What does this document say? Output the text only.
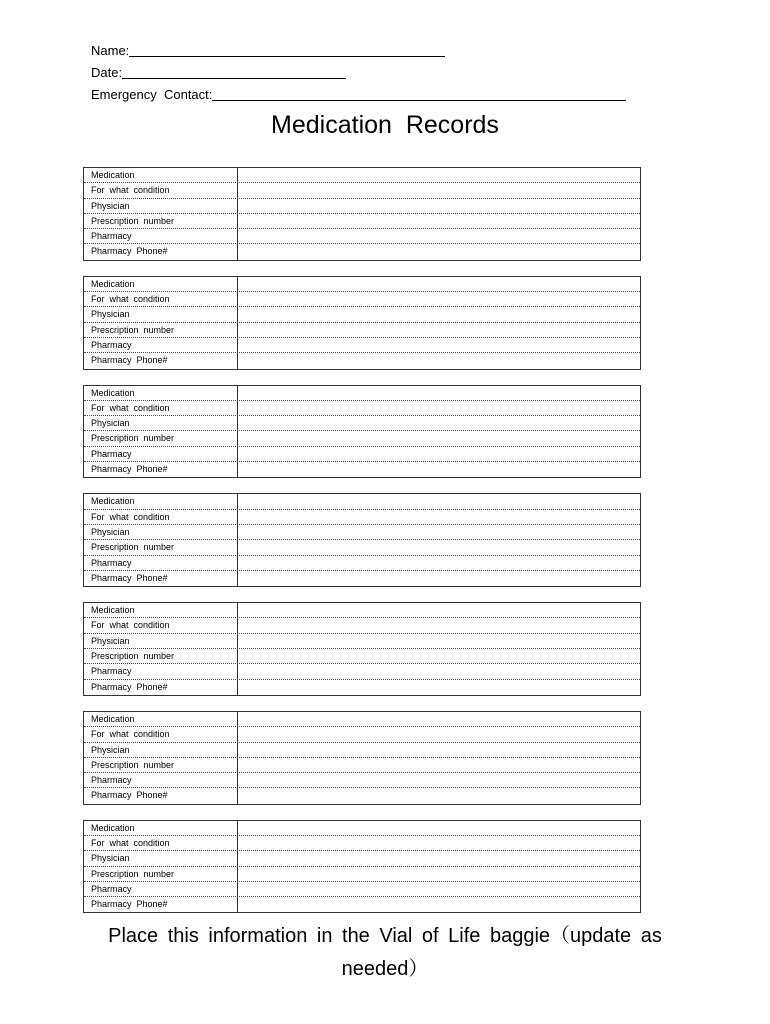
Name:
Date:
Emergency  Contact:
Medication  Records
Medication
For  what  condition
Physician
Prescription  number
Pharmacy
Pharmacy  Phone#
Medication
For  what  condition
Physician
Prescription  number
Pharmacy
Pharmacy  Phone#
Medication
For  what  condition
Physician
Prescription  number
Pharmacy
Pharmacy  Phone#
Medication
For  what  condition
Physician
Prescription  number
Pharmacy
Pharmacy  Phone#
Medication
For  what  condition
Physician
Prescription  number
Pharmacy
Pharmacy  Phone#
Medication
For  what  condition
Physician
Prescription  number
Pharmacy
Pharmacy  Phone#
Medication
For  what  condition
Physician
Prescription  number
Pharmacy
Pharmacy  Phone#
Place this information in the Vial of Life baggie（update as needed）
